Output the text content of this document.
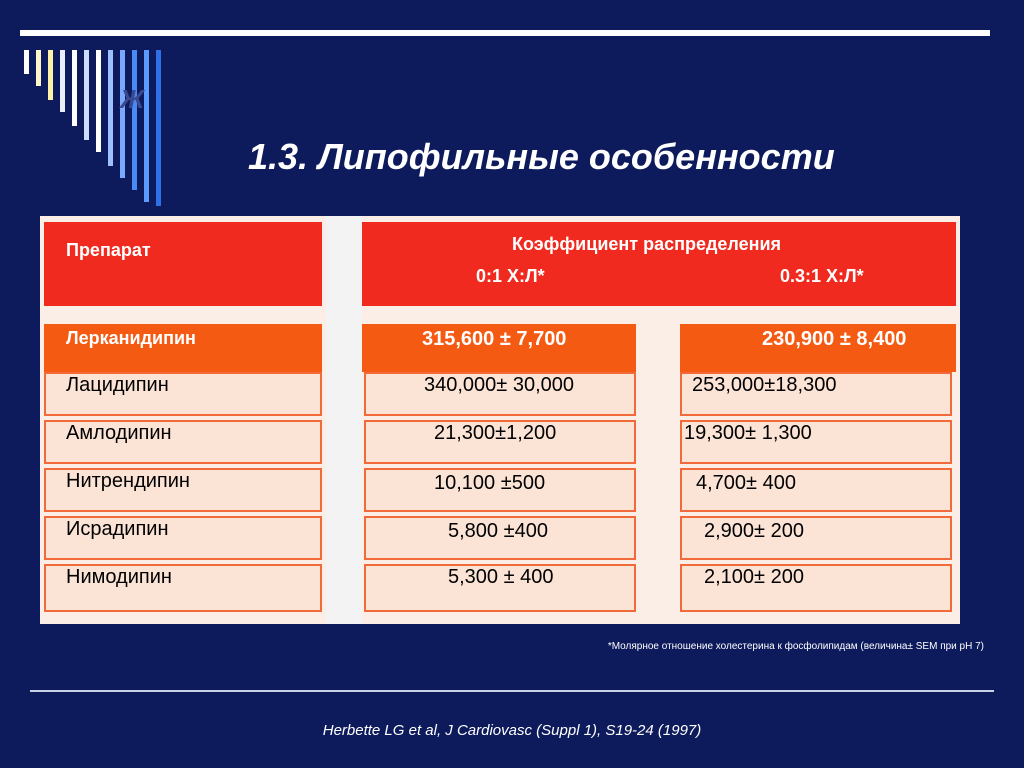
Ж
1.3. Липофильные особенности
Препарат	Коэффициент распределения
0:1 Х:Л*	0.3:1 Х:Л*
Лерканидипин	315,600 ± 7,700	230,900 ± 8,400
Лацидипин	340,000± 30,000	253,000±18,300
Амлодипин	21,300±1,200	19,300± 1,300
Нитрендипин	10,100 ±500	4,700± 400
Исрадипин	5,800 ±400	2,900± 200
Нимодипин	5,300 ± 400	2,100± 200
*Молярное отношение холестерина к фосфолипидам (величина± SEM при pH 7)
Herbette LG et al, J Cardiovasc (Suppl 1), S19-24 (1997)
